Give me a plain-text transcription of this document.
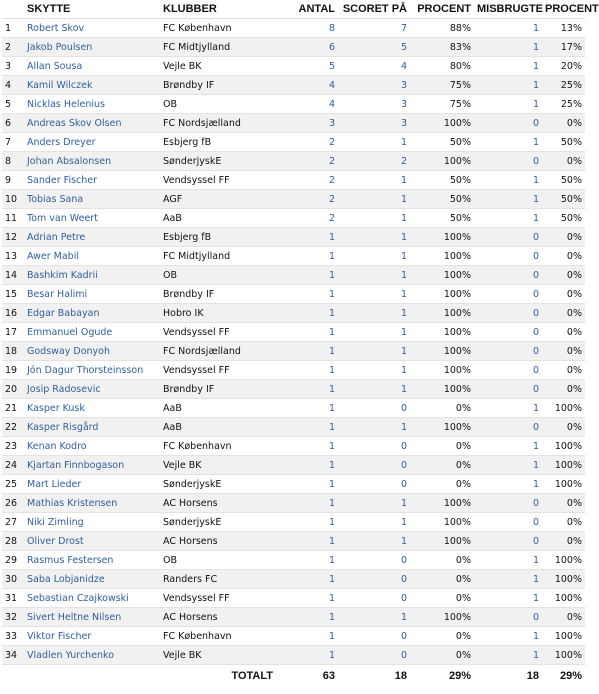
	SKYTTE	KLUBBER	ANTAL	SCORET PÅ	PROCENT	MISBRUGTE	PROCENT
1	Robert Skov	FC København	8	7	88%	1	13%
2	Jakob Poulsen	FC Midtjylland	6	5	83%	1	17%
3	Allan Sousa	Vejle BK	5	4	80%	1	20%
4	Kamil Wilczek	Brøndby IF	4	3	75%	1	25%
5	Nicklas Helenius	OB	4	3	75%	1	25%
6	Andreas Skov Olsen	FC Nordsjælland	3	3	100%	0	0%
7	Anders Dreyer	Esbjerg fB	2	1	50%	1	50%
8	Johan Absalonsen	SønderjyskE	2	2	100%	0	0%
9	Sander Fischer	Vendsyssel FF	2	1	50%	1	50%
10	Tobias Sana	AGF	2	1	50%	1	50%
11	Tom van Weert	AaB	2	1	50%	1	50%
12	Adrian Petre	Esbjerg fB	1	1	100%	0	0%
13	Awer Mabil	FC Midtjylland	1	1	100%	0	0%
14	Bashkim Kadrii	OB	1	1	100%	0	0%
15	Besar Halimi	Brøndby IF	1	1	100%	0	0%
16	Edgar Babayan	Hobro IK	1	1	100%	0	0%
17	Emmanuel Ogude	Vendsyssel FF	1	1	100%	0	0%
18	Godsway Donyoh	FC Nordsjælland	1	1	100%	0	0%
19	Jón Dagur Thorsteinsson	Vendsyssel FF	1	1	100%	0	0%
20	Josip Radosevic	Brøndby IF	1	1	100%	0	0%
21	Kasper Kusk	AaB	1	0	0%	1	100%
22	Kasper Risgård	AaB	1	1	100%	0	0%
23	Kenan Kodro	FC København	1	0	0%	1	100%
24	Kjartan Finnbogason	Vejle BK	1	0	0%	1	100%
25	Mart Lieder	SønderjyskE	1	0	0%	1	100%
26	Mathias Kristensen	AC Horsens	1	1	100%	0	0%
27	Niki Zimling	SønderjyskE	1	1	100%	0	0%
28	Oliver Drost	AC Horsens	1	1	100%	0	0%
29	Rasmus Festersen	OB	1	0	0%	1	100%
30	Saba Lobjanidze	Randers FC	1	0	0%	1	100%
31	Sebastian Czajkowski	Vendsyssel FF	1	0	0%	1	100%
32	Sivert Heltne Nilsen	AC Horsens	1	1	100%	0	0%
33	Viktor Fischer	FC København	1	0	0%	1	100%
34	Vladlen Yurchenko	Vejle BK	1	0	0%	1	100%
		TOTALT	63	18	29%	18	29%
